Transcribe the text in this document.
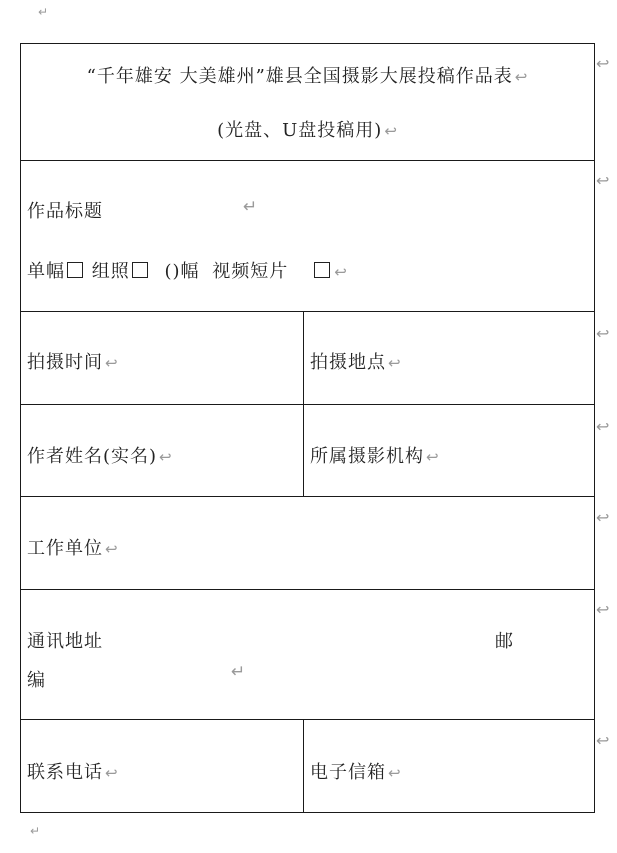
↵
“千年雄安 大美雄州”雄县全国摄影大展投稿作品表 ↩
(光盘、U盘投稿用) ↩	

作品标题 ↵
单幅 组照 ()幅 视频短片 ↩	

拍摄时间 ↩	拍摄地点 ↩

作者姓名(实名) ↩	所属摄影机构 ↩

工作单位 ↩	

通讯地址 邮
编 ↵	

联系电话 ↩	电子信箱 ↩
↩
↩
↩
↩
↩
↩
↩
↵
